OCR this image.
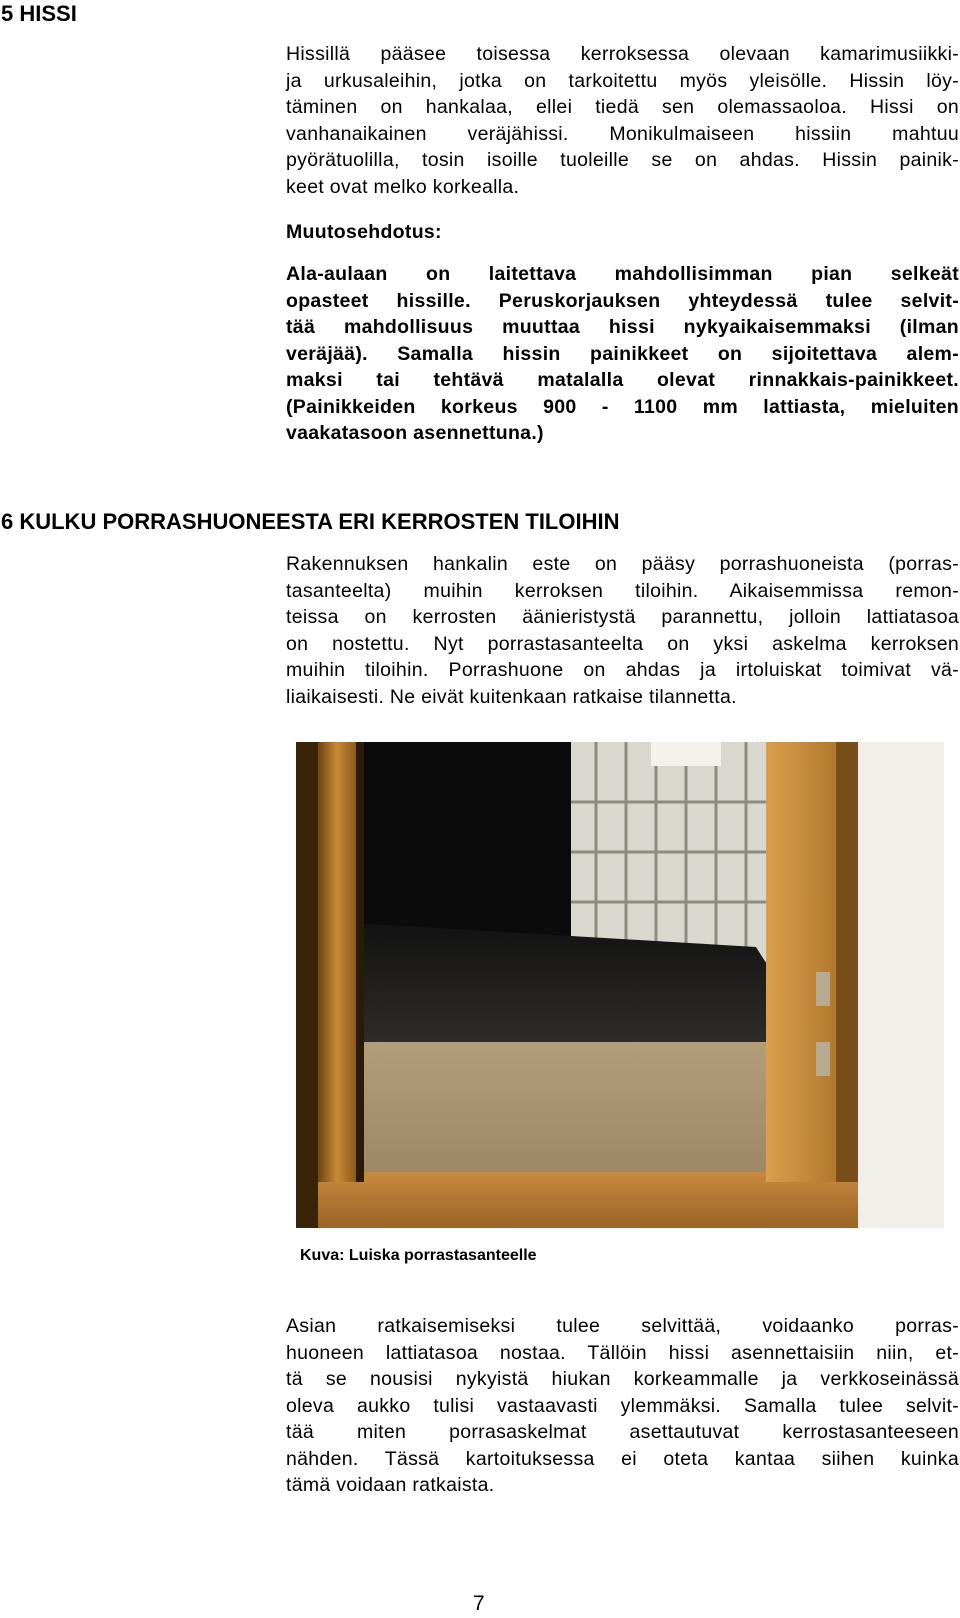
5 HISSI

Hissillä pääsee toisessa kerroksessa olevaan kamarimusiikki-
ja urkusaleihin, jotka on tarkoitettu myös yleisölle. Hissin löy-
täminen on hankalaa, ellei tiedä sen olemassaoloa. Hissi on
vanhanaikainen veräjähissi. Monikulmaiseen hissiin mahtuu
pyörätuolilla, tosin isoille tuoleille se on ahdas. Hissin painik-
keet ovat melko korkealla.

Muutosehdotus:

Ala-aulaan on laitettava mahdollisimman pian selkeät
opasteet hissille. Peruskorjauksen yhteydessä tulee selvit-
tää mahdollisuus muuttaa hissi nykyaikaisemmaksi (ilman
veräjää). Samalla hissin painikkeet on sijoitettava alem-
maksi tai tehtävä matalalla olevat rinnakkais-painikkeet.
(Painikkeiden korkeus 900 - 1100 mm lattiasta, mieluiten
vaakatasoon asennettuna.)

6 KULKU PORRASHUONEESTA ERI KERROSTEN TILOIHIN

Rakennuksen hankalin este on pääsy porrashuoneista (porras-
tasanteelta) muihin kerroksen tiloihin. Aikaisemmissa remon-
teissa on kerrosten äänieristystä parannettu, jolloin lattiatasoa
on nostettu. Nyt porrastasanteelta on yksi askelma kerroksen
muihin tiloihin. Porrashuone on ahdas ja irtoluiskat toimivat vä-
liaikaisesti. Ne eivät kuitenkaan ratkaise tilannetta.

Kuva: Luiska porrastasanteelle

Asian ratkaisemiseksi tulee selvittää, voidaanko porras-
huoneen lattiatasoa nostaa. Tällöin hissi asennettaisiin niin, et-
tä se nousisi nykyistä hiukan korkeammalle ja verkkoseinässä
oleva aukko tulisi vastaavasti ylemmäksi. Samalla tulee selvit-
tää miten porrasaskelmat asettautuvat kerrostasanteeseen
nähden. Tässä kartoituksessa ei oteta kantaa siihen kuinka
tämä voidaan ratkaista.

7
